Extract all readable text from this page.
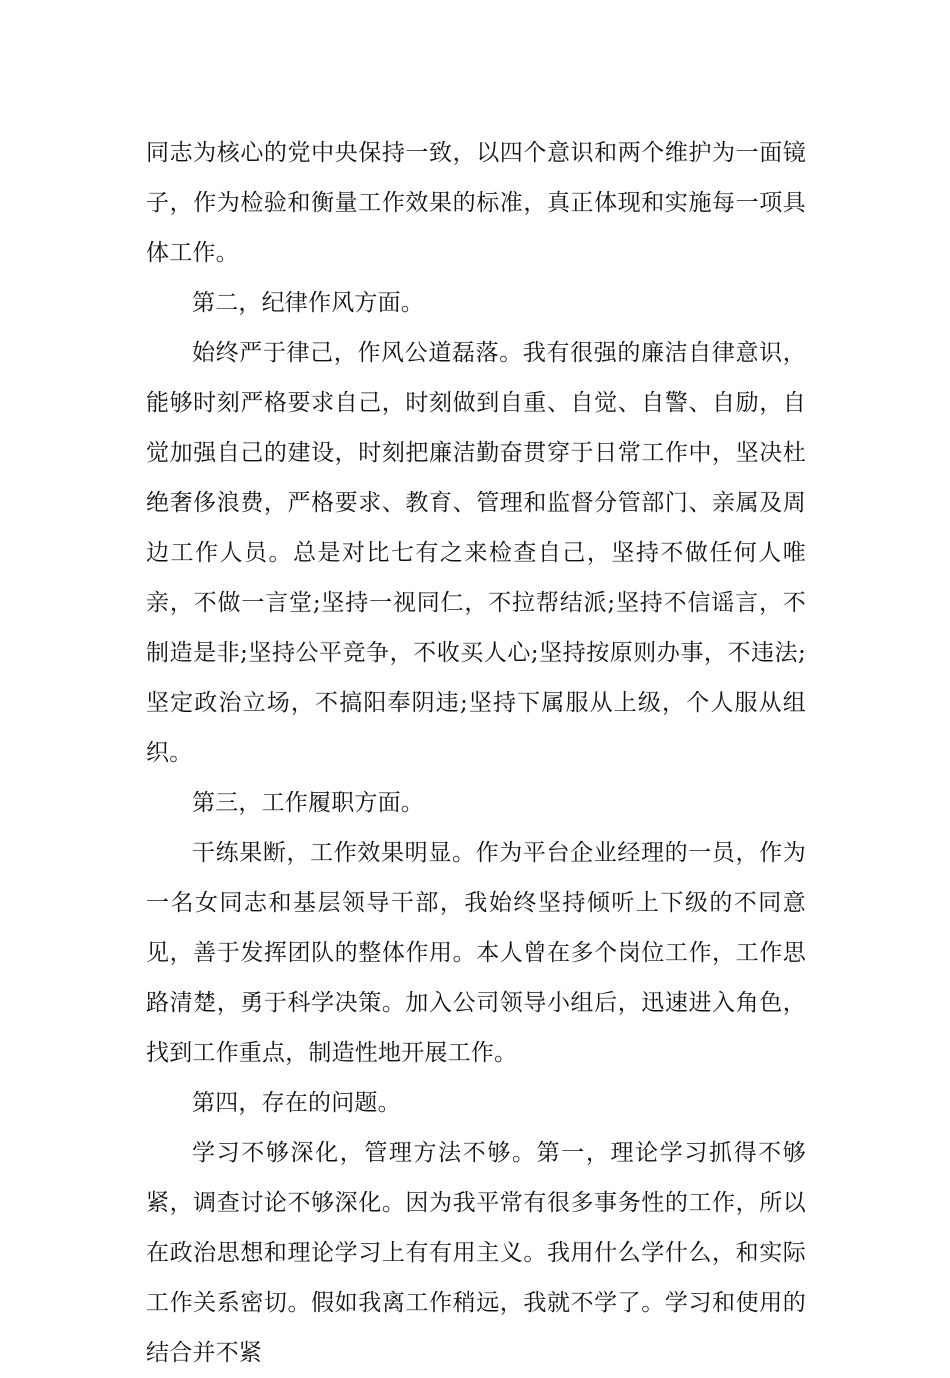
同志为核心的党中央保持一致，以四个意识和两个维护为一面镜子，作为检验和衡量工作效果的标准，真正体现和实施每一项具体工作。

第二，纪律作风方面。

始终严于律己，作风公道磊落。我有很强的廉洁自律意识，能够时刻严格要求自己，时刻做到自重、自觉、自警、自励，自觉加强自己的建设，时刻把廉洁勤奋贯穿于日常工作中，坚决杜绝奢侈浪费，严格要求、教育、管理和监督分管部门、亲属及周边工作人员。总是对比七有之来检查自己，坚持不做任何人唯亲，不做一言堂;坚持一视同仁，不拉帮结派;坚持不信谣言，不制造是非;坚持公平竞争，不收买人心;坚持按原则办事，不违法;坚定政治立场，不搞阳奉阴违;坚持下属服从上级，个人服从组织。

第三，工作履职方面。

干练果断，工作效果明显。作为平台企业经理的一员，作为一名女同志和基层领导干部，我始终坚持倾听上下级的不同意见，善于发挥团队的整体作用。本人曾在多个岗位工作，工作思路清楚，勇于科学决策。加入公司领导小组后，迅速进入角色，找到工作重点，制造性地开展工作。

第四，存在的问题。

学习不够深化，管理方法不够。第一，理论学习抓得不够紧，调查讨论不够深化。因为我平常有很多事务性的工作，所以在政治思想和理论学习上有有用主义。我用什么学什么，和实际工作关系密切。假如我离工作稍远，我就不学了。学习和使用的结合并不紧
